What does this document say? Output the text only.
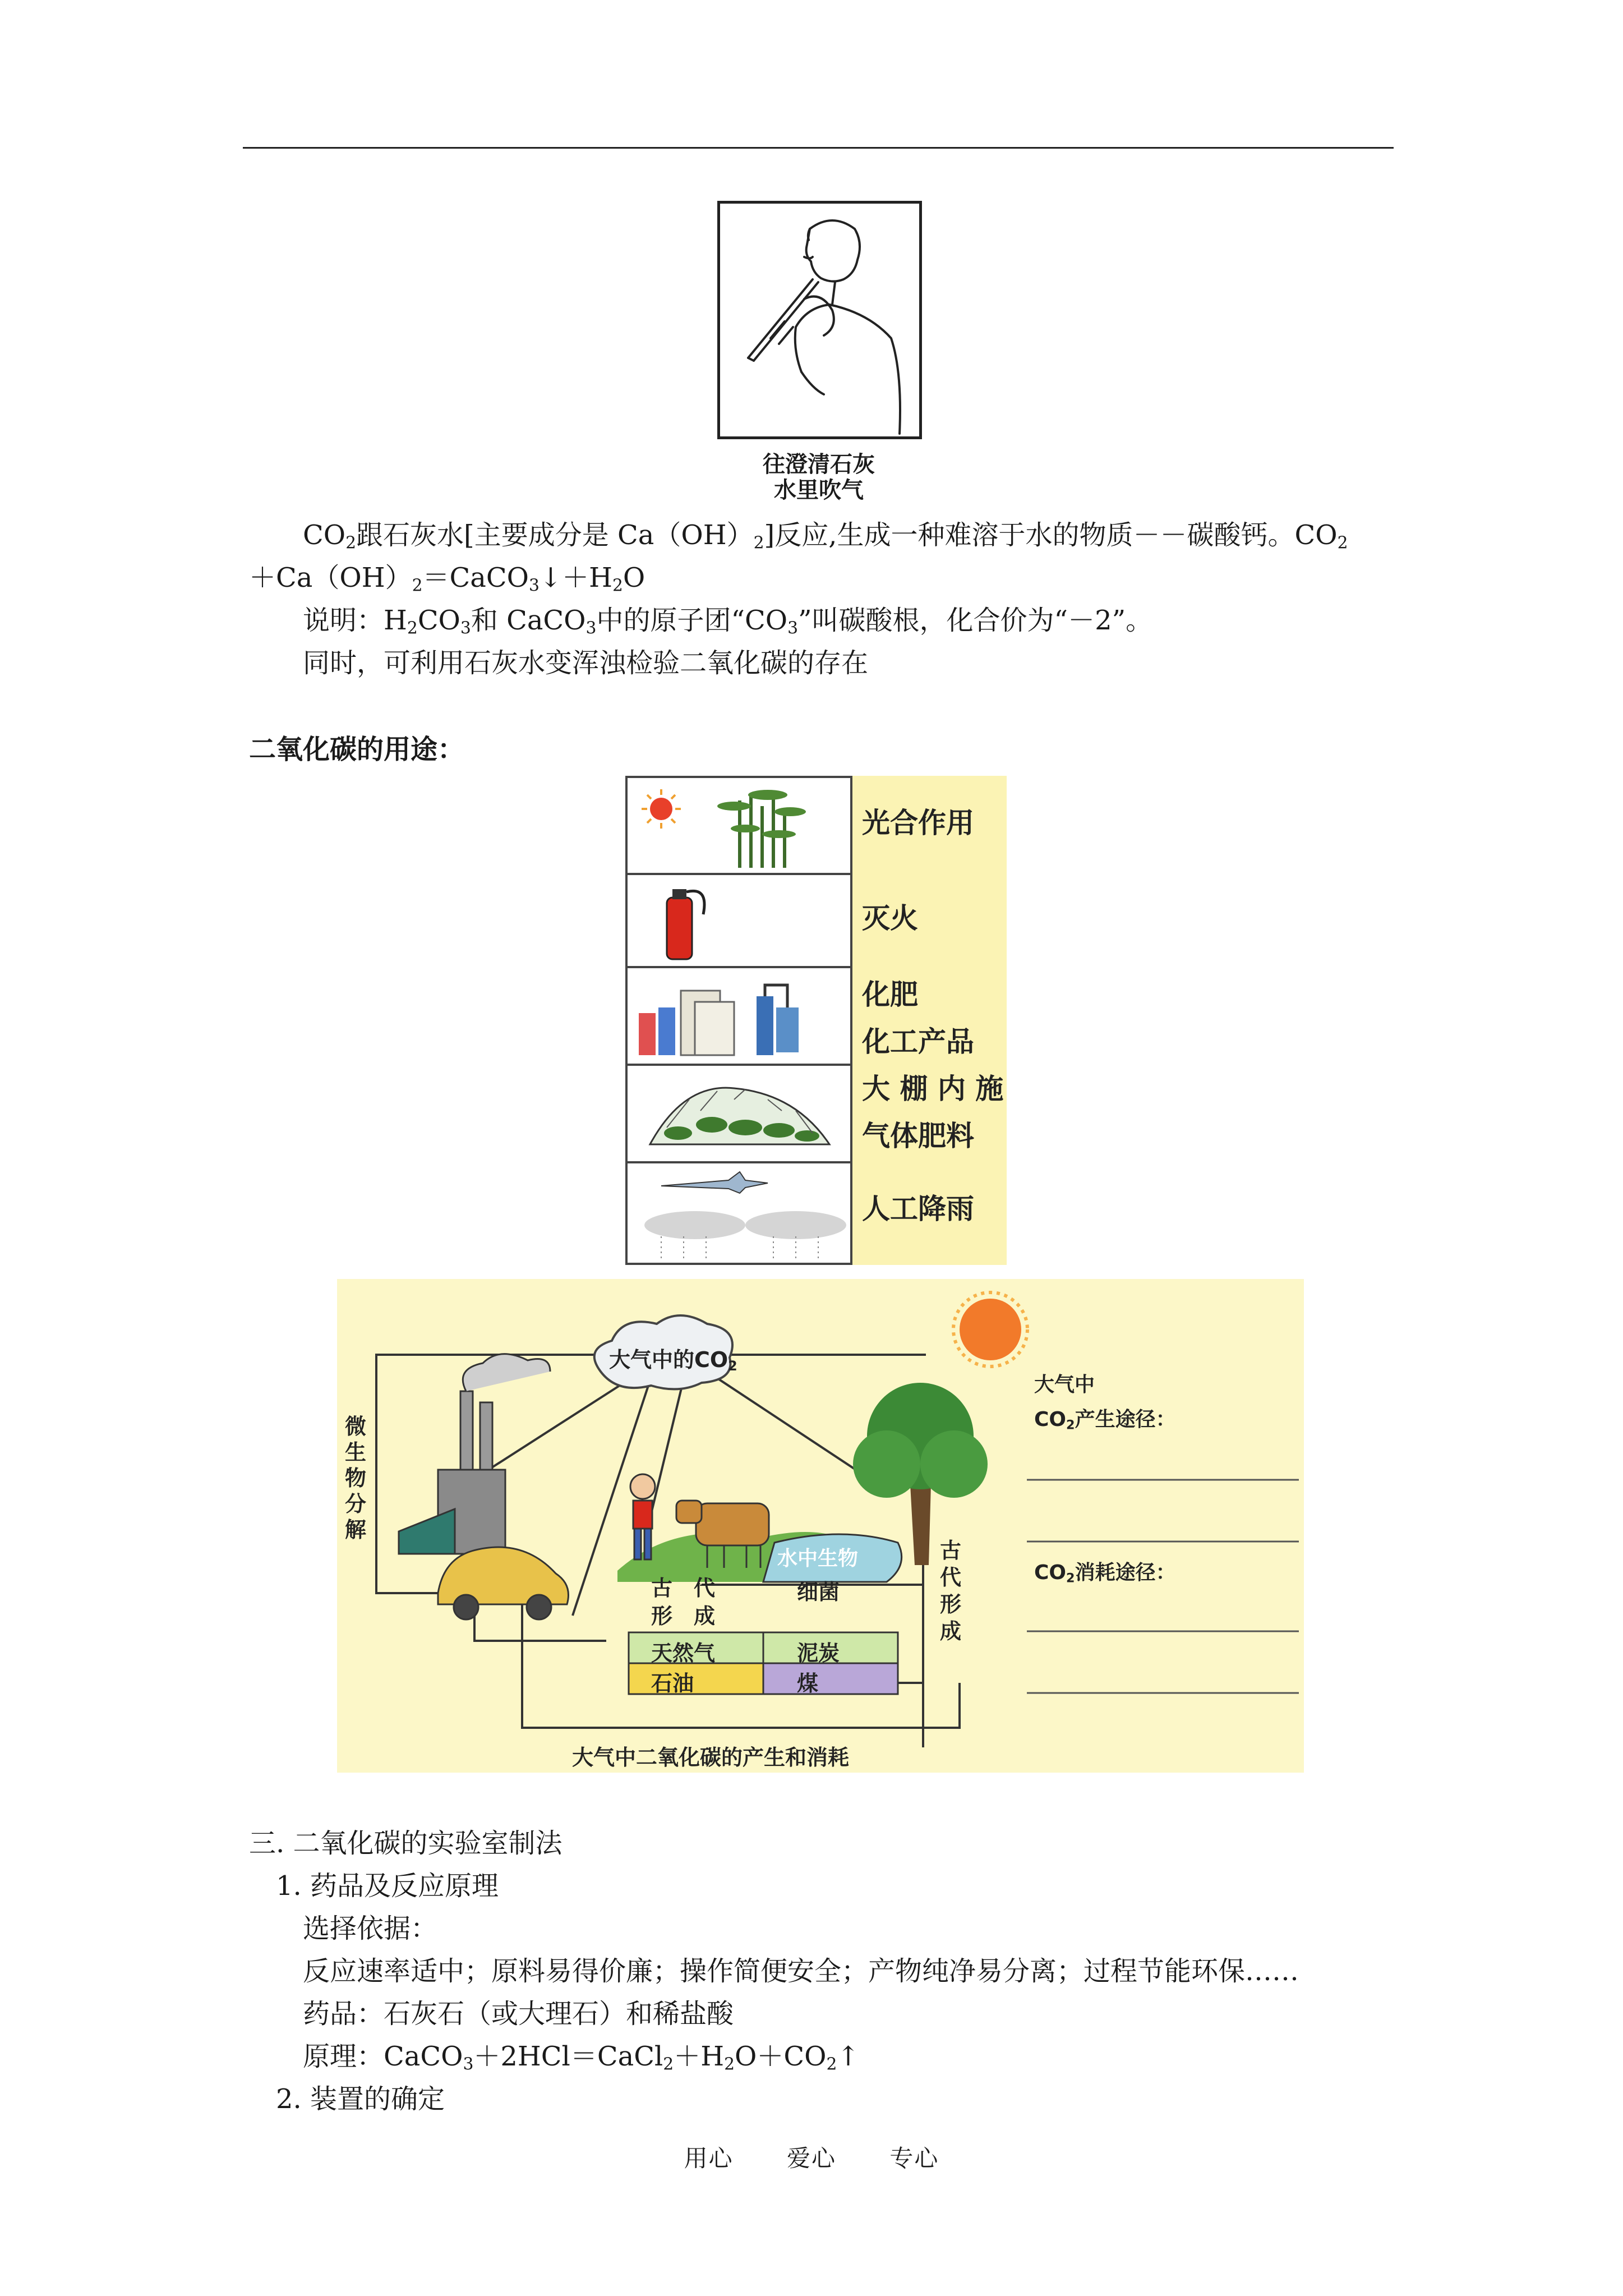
往澄清石灰
水里吹气
$CO_2$跟石灰水[主要成分是 $Ca(OH)_2$]反应,生成一种难溶于水的物质－－碳酸钙。$CO_2$
$+Ca(OH)_2=CaCO_3↓+H_2O$
说明：$H_2CO_3$和 CaCO$_3$中的原子团“$CO_3$”叫碳酸根，化合价为“－2”。
同时，可利用石灰水变浑浊检验二氧化碳的存在
二氧化碳的用途：
光合作用
灭火
化肥
化工产品
大 棚 内 施
气体肥料
人工降雨
大气中的$CO_2$
微生物分解
水中生物
古　代
形　成
细菌
古代形成
天然气	泥炭
石油	煤
大气中
$CO_2$产生途径：
$CO_2$消耗途径：
大气中二氧化碳的产生和消耗
三. 二氧化碳的实验室制法
1. 药品及反应原理
选择依据：
反应速率适中；原料易得价廉；操作简便安全；产物纯净易分离；过程节能环保……
药品：石灰石（或大理石）和稀盐酸
原理：$CaCO_3+2HCl=CaCl_2+H_2O+CO_2↑$
2. 装置的确定
用心 爱心 专心
